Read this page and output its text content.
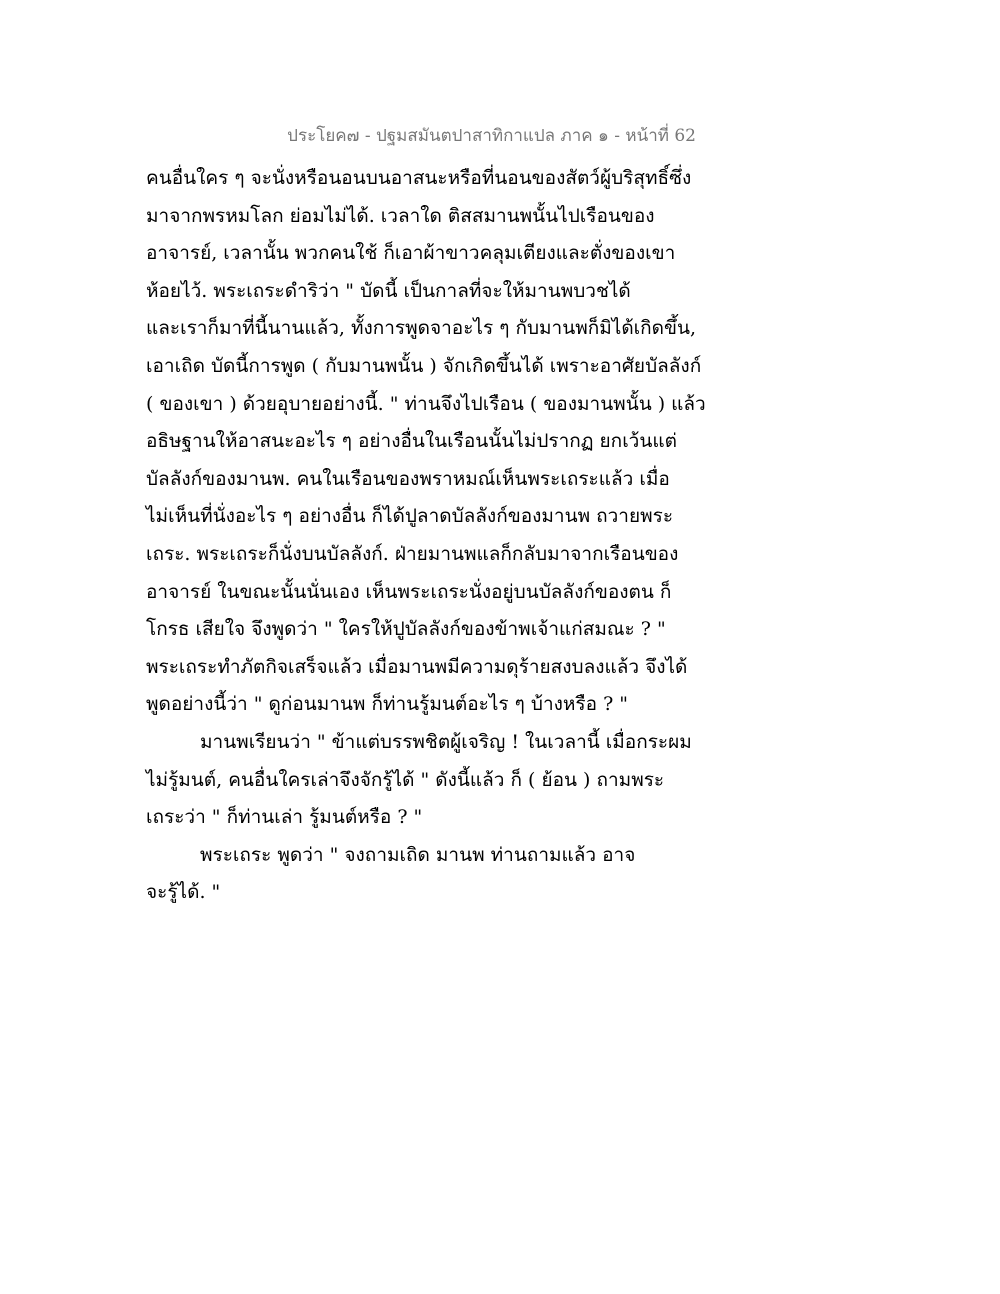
ประโยค๗ - ปฐมสมันตปาสาทิกาแปล ภาค ๑ - หน้าที่ 62
คนอื่นใคร ๆ จะนั่งหรือนอนบนอาสนะหรือที่นอนของสัตว์ผู้บริสุทธิ์ซึ่ง
มาจากพรหมโลก ย่อมไม่ได้. เวลาใด ติสสมานพนั้นไปเรือนของ
อาจารย์, เวลานั้น พวกคนใช้ ก็เอาผ้าขาวคลุมเตียงและตั่งของเขา
ห้อยไว้. พระเถระดำริว่า " บัดนี้ เป็นกาลที่จะให้มานพบวชได้
และเราก็มาที่นี้นานแล้ว, ทั้งการพูดจาอะไร ๆ กับมานพก็มิได้เกิดขึ้น,
เอาเถิด บัดนี้การพูด ( กับมานพนั้น ) จักเกิดขึ้นได้ เพราะอาศัยบัลลังก์
( ของเขา ) ด้วยอุบายอย่างนี้. " ท่านจึงไปเรือน ( ของมานพนั้น ) แล้ว
อธิษฐานให้อาสนะอะไร ๆ อย่างอื่นในเรือนนั้นไม่ปรากฏ ยกเว้นแต่
บัลลังก์ของมานพ. คนในเรือนของพราหมณ์เห็นพระเถระแล้ว เมื่อ
ไม่เห็นที่นั่งอะไร ๆ อย่างอื่น ก็ได้ปูลาดบัลลังก์ของมานพ ถวายพระ
เถระ. พระเถระก็นั่งบนบัลลังก์. ฝ่ายมานพแลก็กลับมาจากเรือนของ
อาจารย์ ในขณะนั้นนั่นเอง เห็นพระเถระนั่งอยู่บนบัลลังก์ของตน ก็
โกรธ เสียใจ จึงพูดว่า " ใครให้ปูบัลลังก์ของข้าพเจ้าแก่สมณะ ? "
พระเถระทำภัตกิจเสร็จแล้ว เมื่อมานพมีความดุร้ายสงบลงแล้ว จึงได้
พูดอย่างนี้ว่า " ดูก่อนมานพ ก็ท่านรู้มนต์อะไร ๆ บ้างหรือ ? "
มานพเรียนว่า " ข้าแต่บรรพชิตผู้เจริญ ! ในเวลานี้ เมื่อกระผม
ไม่รู้มนต์, คนอื่นใครเล่าจึงจักรู้ได้ " ดังนี้แล้ว ก็ ( ย้อน ) ถามพระ
เถระว่า " ก็ท่านเล่า รู้มนต์หรือ ? "
พระเถระ พูดว่า " จงถามเถิด มานพ ท่านถามแล้ว อาจ
จะรู้ได้. "
